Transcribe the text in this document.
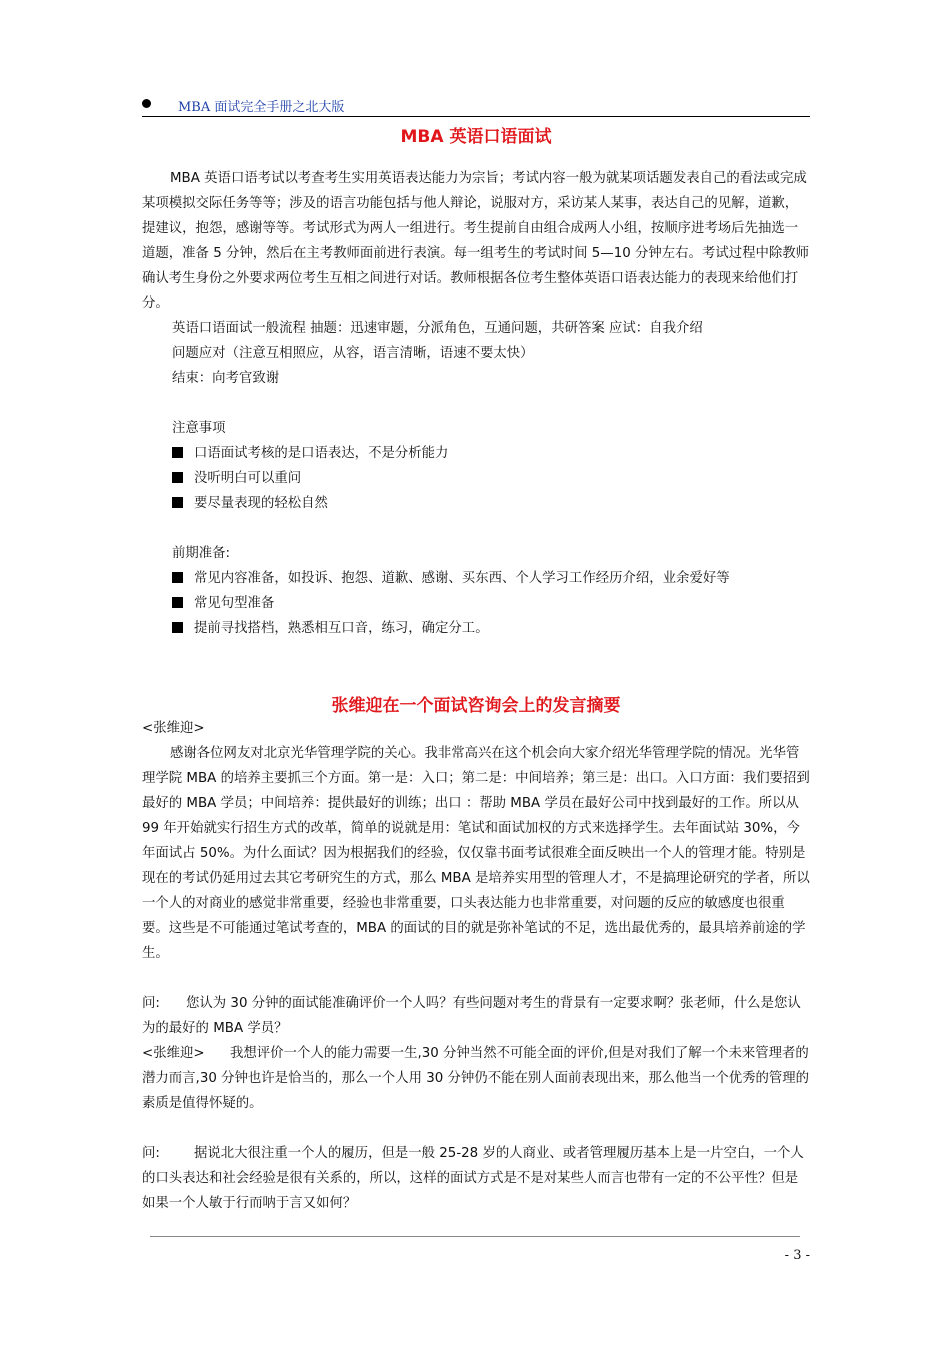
MBA 面试完全手册之北大版
MBA 英语口语面试
MBA 英语口语考试以考查考生实用英语表达能力为宗旨；考试内容一般为就某项话题发表自己的看法或完成某项模拟交际任务等等；涉及的语言功能包括与他人辩论，说服对方，采访某人某事，表达自己的见解，道歉，提建议，抱怨，感谢等等。考试形式为两人一组进行。考生提前自由组合成两人小组，按顺序进考场后先抽选一道题，准备 5 分钟，然后在主考教师面前进行表演。每一组考生的考试时间 5—10 分钟左右。考试过程中除教师确认考生身份之外要求两位考生互相之间进行对话。教师根据各位考生整体英语口语表达能力的表现来给他们打分。
英语口语面试一般流程 抽题：迅速审题，分派角色，互通问题，共研答案 应试：自我介绍
问题应对（注意互相照应，从容，语言清晰，语速不要太快）
结束：向考官致谢
注意事项
口语面试考核的是口语表达，不是分析能力
没听明白可以重问
要尽量表现的轻松自然
前期准备:
常见内容准备，如投诉、抱怨、道歉、感谢、买东西、个人学习工作经历介绍，业余爱好等
常见句型准备
提前寻找搭档，熟悉相互口音，练习，确定分工。
张维迎在一个面试咨询会上的发言摘要
<张维迎>
感谢各位网友对北京光华管理学院的关心。我非常高兴在这个机会向大家介绍光华管理学院的情况。光华管理学院 MBA 的培养主要抓三个方面。第一是：入口；第二是：中间培养；第三是：出口。入口方面：我们要招到最好的 MBA 学员；中间培养：提供最好的训练；出口 ：帮助 MBA 学员在最好公司中找到最好的工作。所以从 99 年开始就实行招生方式的改革，简单的说就是用：笔试和面试加权的方式来选择学生。去年面试站 30%，今年面试占 50%。为什么面试？因为根据我们的经验，仅仅靠书面考试很难全面反映出一个人的管理才能。特别是现在的考试仍延用过去其它考研究生的方式，那么 MBA 是培养实用型的管理人才，不是搞理论研究的学者，所以一个人的对商业的感觉非常重要，经验也非常重要，口头表达能力也非常重要，对问题的反应的敏感度也很重要。这些是不可能通过笔试考查的，MBA 的面试的目的就是弥补笔试的不足，选出最优秀的，最具培养前途的学生。
问: 您认为 30 分钟的面试能准确评价一个人吗？有些问题对考生的背景有一定要求啊？张老师，什么是您认为的最好的 MBA 学员？
<张维迎> 我想评价一个人的能力需要一生,30 分钟当然不可能全面的评价,但是对我们了解一个未来管理者的潜力而言,30 分钟也许是恰当的，那么一个人用 30 分钟仍不能在别人面前表现出来，那么他当一个优秀的管理的素质是值得怀疑的。
问:	据说北大很注重一个人的履历，但是一般 25-28 岁的人商业、或者管理履历基本上是一片空白，一个人的口头表达和社会经验是很有关系的，所以，这样的面试方式是不是对某些人而言也带有一定的不公平性？但是如果一个人敏于行而呐于言又如何？
- 3 -
